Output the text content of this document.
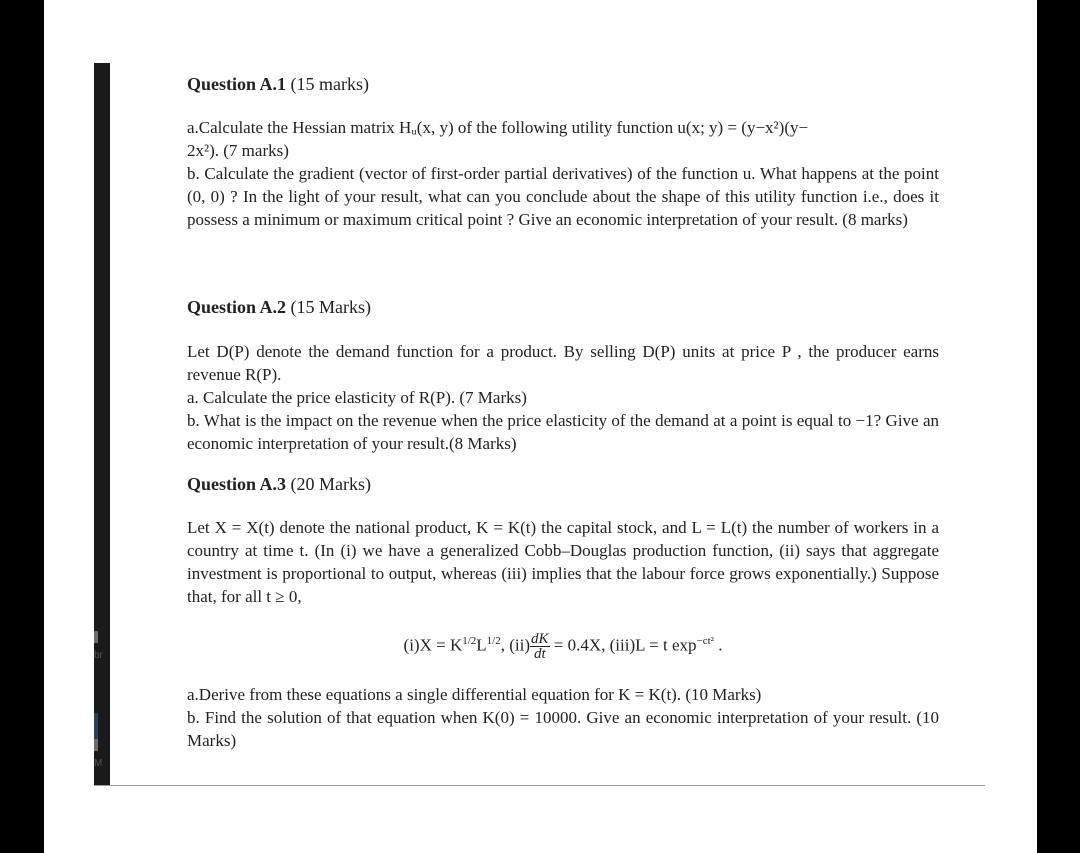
br
M
Question A.1 (15 marks)

a.Calculate the Hessian matrix Hᵤ(x, y) of the following utility function u(x; y) = (y−x²)(y−

2x²). (7 marks)

b. Calculate the gradient (vector of first-order partial derivatives) of the function u. What happens at the point (0, 0) ? In the light of your result, what can you conclude about the shape of this utility function i.e., does it possess a minimum or maximum critical point ? Give an economic interpretation of your result. (8 marks)

Question A.2 (15 Marks)

Let D(P) denote the demand function for a product. By selling D(P) units at price P , the producer earns revenue R(P).

a. Calculate the price elasticity of R(P). (7 Marks)

b. What is the impact on the revenue when the price elasticity of the demand at a point is equal to −1? Give an economic interpretation of your result.(8 Marks)

Question A.3 (20 Marks)

Let X = X(t) denote the national product, K = K(t) the capital stock, and L = L(t) the number of workers in a country at time t. (In (i) we have a generalized Cobb–Douglas production function, (ii) says that aggregate investment is proportional to output, whereas (iii) implies that the labour force grows exponentially.) Suppose that, for all t ≥ 0,

$(i)X = K^{1/2}L^{1/2}$, $(ii) \frac{dK}{dt} = 0.4X$, (iii)L = t $\exp^{-ct^2}$ .

a.Derive from these equations a single differential equation for K = K(t). (10 Marks)

b. Find the solution of that equation when K(0) = 10000. Give an economic interpretation of your result. (10 Marks)
